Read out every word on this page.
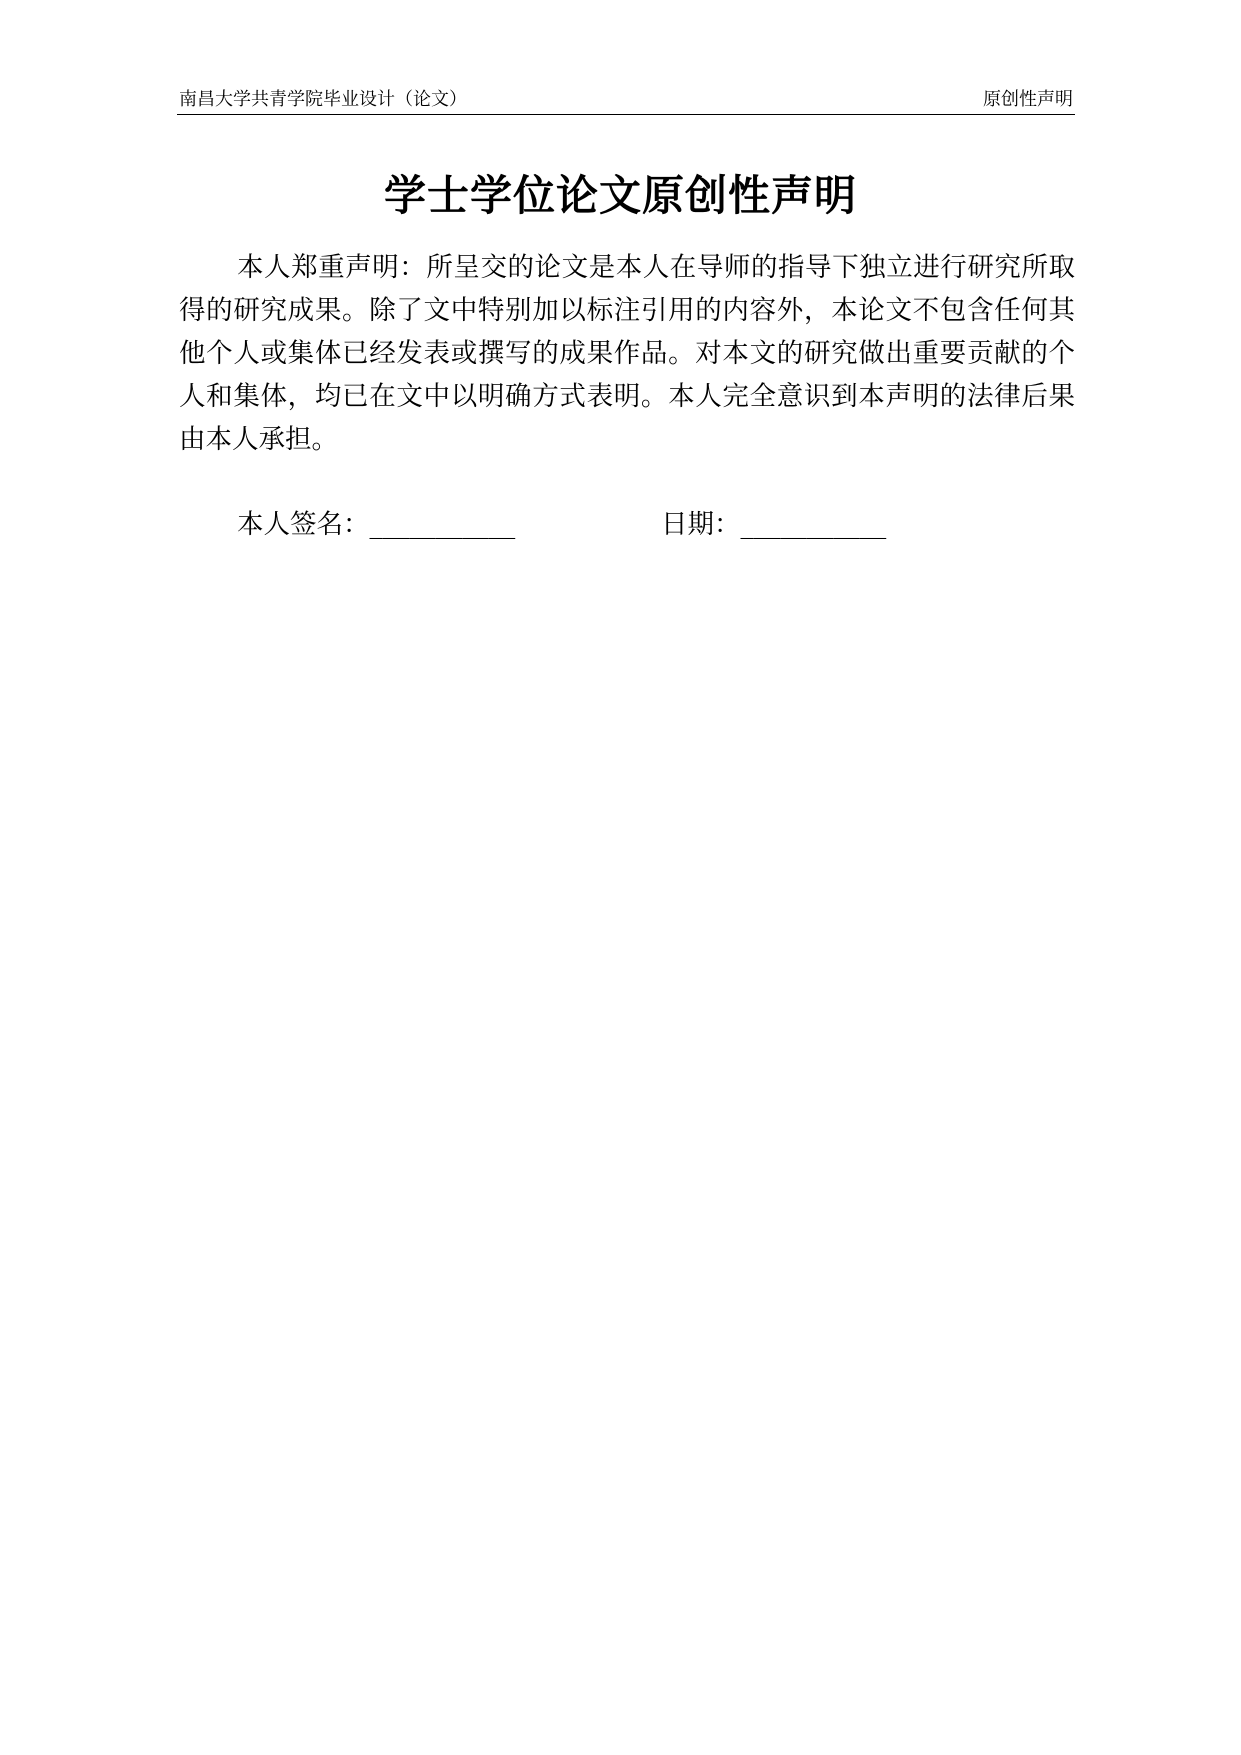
南昌大学共青学院毕业设计（论文）	原创性声明
学士学位论文原创性声明

本人郑重声明：所呈交的论文是本人在导师的指导下独立进行研究所取得的研究成果。除了文中特别加以标注引用的内容外，本论文不包含任何其他个人或集体已经发表或撰写的成果作品。对本文的研究做出重要贡献的个人和集体，均已在文中以明确方式表明。本人完全意识到本声明的法律后果由本人承担。

本人签名：___________	日期：___________
